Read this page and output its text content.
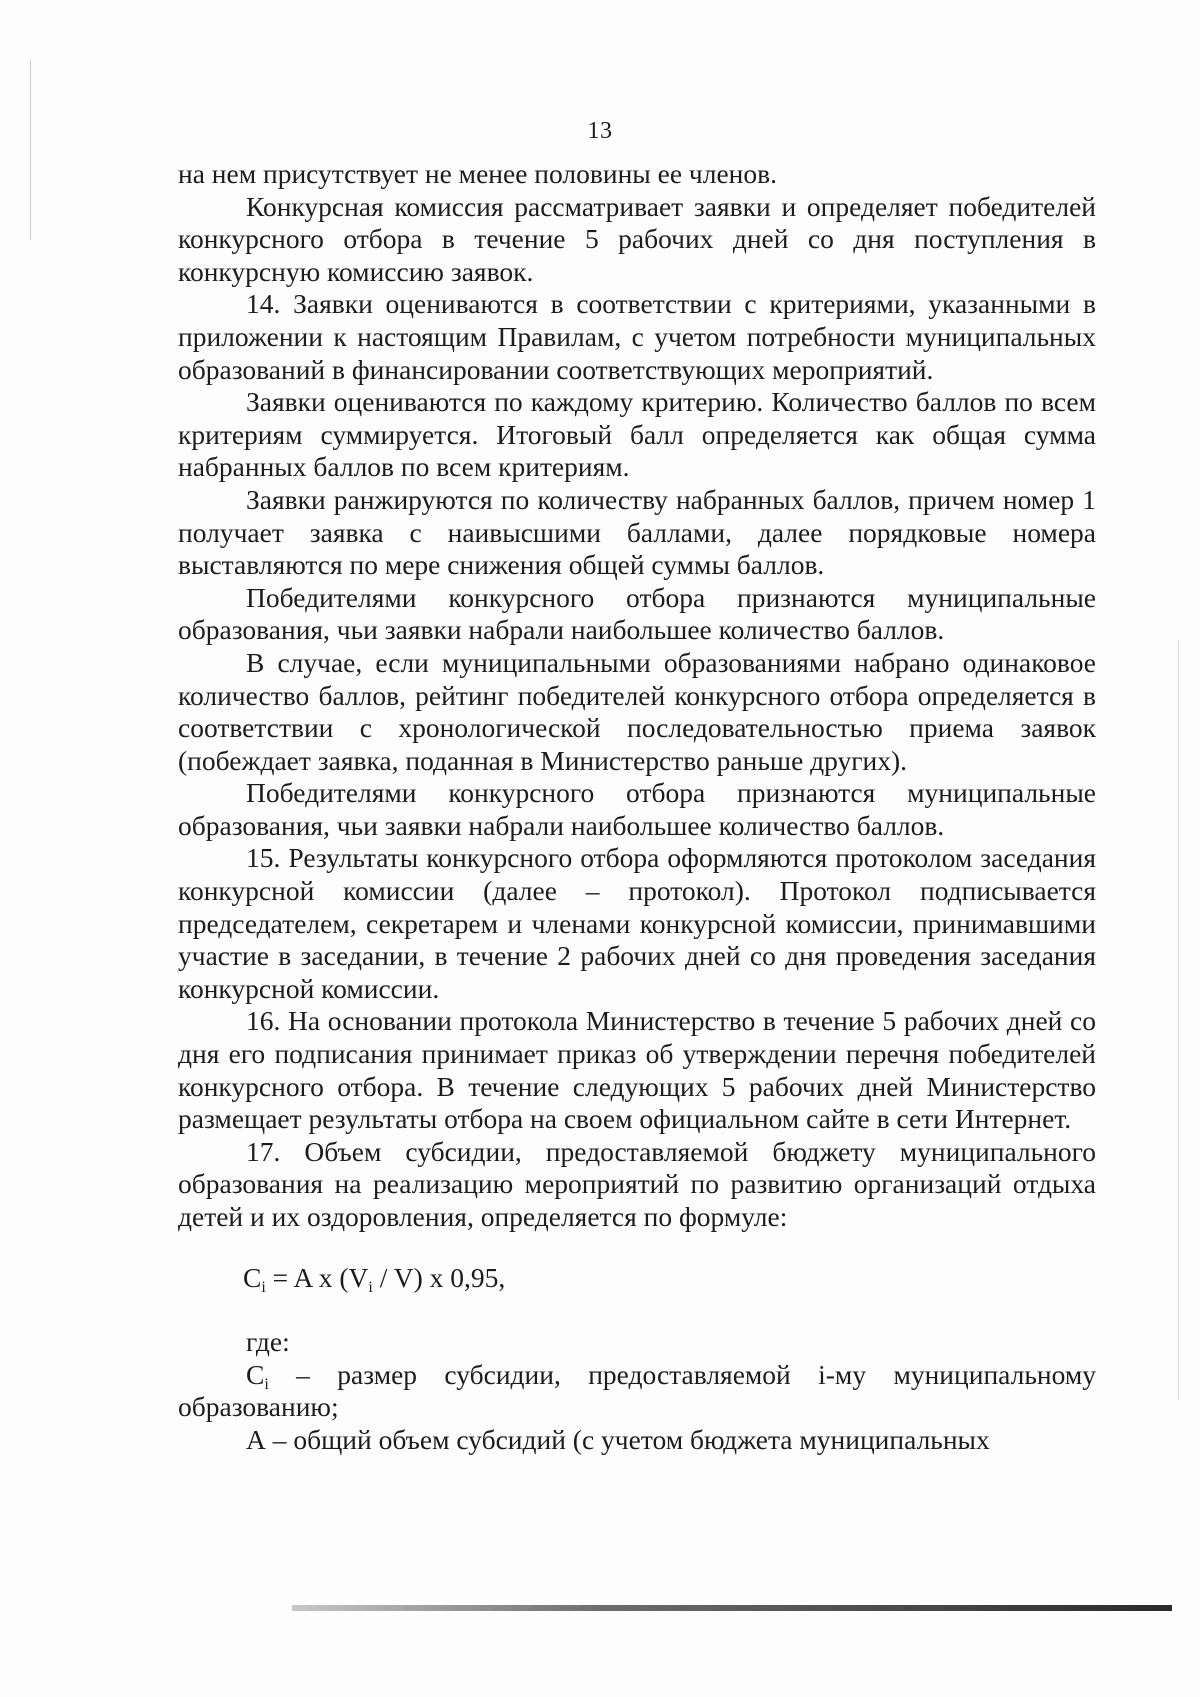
13

на нем присутствует не менее половины ее членов.

Конкурсная комиссия рассматривает заявки и определяет победителей конкурсного отбора в течение 5 рабочих дней со дня поступления в конкурсную комиссию заявок.

14. Заявки оцениваются в соответствии с критериями, указанными в приложении к настоящим Правилам, с учетом потребности муниципальных образований в финансировании соответствующих мероприятий.

Заявки оцениваются по каждому критерию. Количество баллов по всем критериям суммируется. Итоговый балл определяется как общая сумма набранных баллов по всем критериям.

Заявки ранжируются по количеству набранных баллов, причем номер 1 получает заявка с наивысшими баллами, далее порядковые номера выставляются по мере снижения общей суммы баллов.

Победителями конкурсного отбора признаются муниципальные образования, чьи заявки набрали наибольшее количество баллов.

В случае, если муниципальными образованиями набрано одинаковое количество баллов, рейтинг победителей конкурсного отбора определяется в соответствии с хронологической последовательностью приема заявок (побеждает заявка, поданная в Министерство раньше других).

Победителями конкурсного отбора признаются муниципальные образования, чьи заявки набрали наибольшее количество баллов.

15. Результаты конкурсного отбора оформляются протоколом заседания конкурсной комиссии (далее – протокол). Протокол подписывается председателем, секретарем и членами конкурсной комиссии, принимавшими участие в заседании, в течение 2 рабочих дней со дня проведения заседания конкурсной комиссии.

16. На основании протокола Министерство в течение 5 рабочих дней со дня его подписания принимает приказ об утверждении перечня победителей конкурсного отбора. В течение следующих 5 рабочих дней Министерство размещает результаты отбора на своем официальном сайте в сети Интернет.

17. Объем субсидии, предоставляемой бюджету муниципального образования на реализацию мероприятий по развитию организаций отдыха детей и их оздоровления, определяется по формуле:

$C_i = A$ x $(V_i / V)$ x 0,95,

где:

$C_i$ – размер субсидии, предоставляемой i-му муниципальному образованию;

А – общий объем субсидий (с учетом бюджета муниципальных
